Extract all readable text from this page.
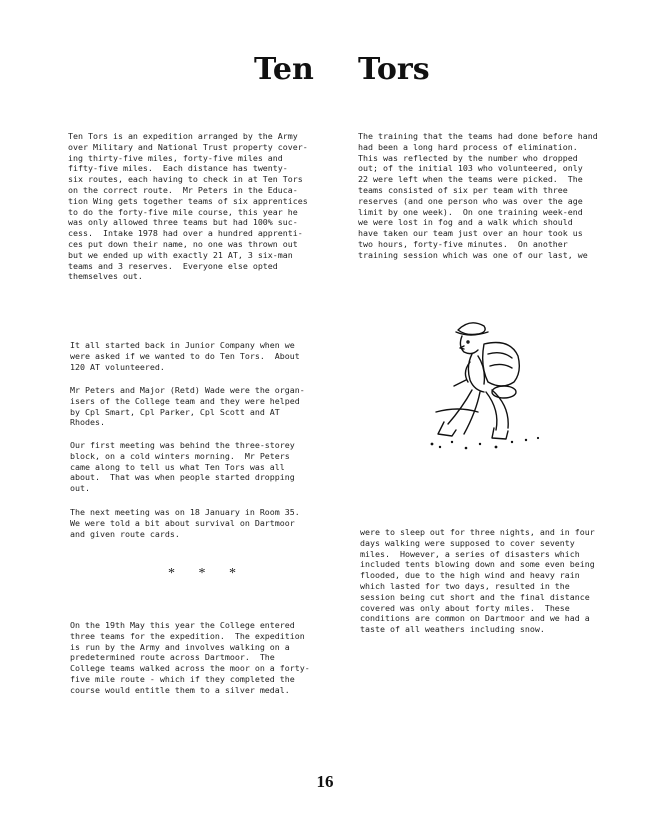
Ten Tors
Ten Tors is an expedition arranged by the Army
over Military and National Trust property cover-
ing thirty-five miles, forty-five miles and
fifty-five miles.  Each distance has twenty-
six routes, each having to check in at Ten Tors
on the correct route.  Mr Peters in the Educa-
tion Wing gets together teams of six apprentices
to do the forty-five mile course, this year he
was only allowed three teams but had 100% suc-
cess.  Intake 1978 had over a hundred apprenti-
ces put down their name, no one was thrown out
but we ended up with exactly 21 AT, 3 six-man
teams and 3 reserves.  Everyone else opted
themselves out.
The training that the teams had done before hand
had been a long hard process of elimination.
This was reflected by the number who dropped
out; of the initial 103 who volunteered, only
22 were left when the teams were picked.  The
teams consisted of six per team with three
reserves (and one person who was over the age
limit by one week).  On one training week-end
we were lost in fog and a walk which should
have taken our team just over an hour took us
two hours, forty-five minutes.  On another
training session which was one of our last, we
It all started back in Junior Company when we
were asked if we wanted to do Ten Tors.  About
120 AT volunteered.
Mr Peters and Major (Retd) Wade were the organ-
isers of the College team and they were helped
by Cpl Smart, Cpl Parker, Cpl Scott and AT
Rhodes.
Our first meeting was behind the three-storey
block, on a cold winters morning.  Mr Peters
came along to tell us what Ten Tors was all
about.  That was when people started dropping
out.
The next meeting was on 18 January in Room 35.
We were told a bit about survival on Dartmoor
and given route cards.
* * *
On the 19th May this year the College entered
three teams for the expedition.  The expedition
is run by the Army and involves walking on a
predetermined route across Dartmoor.  The
College teams walked across the moor on a forty-
five mile route - which if they completed the
course would entitle them to a silver medal.
were to sleep out for three nights, and in four
days walking were supposed to cover seventy
miles.  However, a series of disasters which
included tents blowing down and some even being
flooded, due to the high wind and heavy rain
which lasted for two days, resulted in the
session being cut short and the final distance
covered was only about forty miles.  These
conditions are common on Dartmoor and we had a
taste of all weathers including snow.
16
